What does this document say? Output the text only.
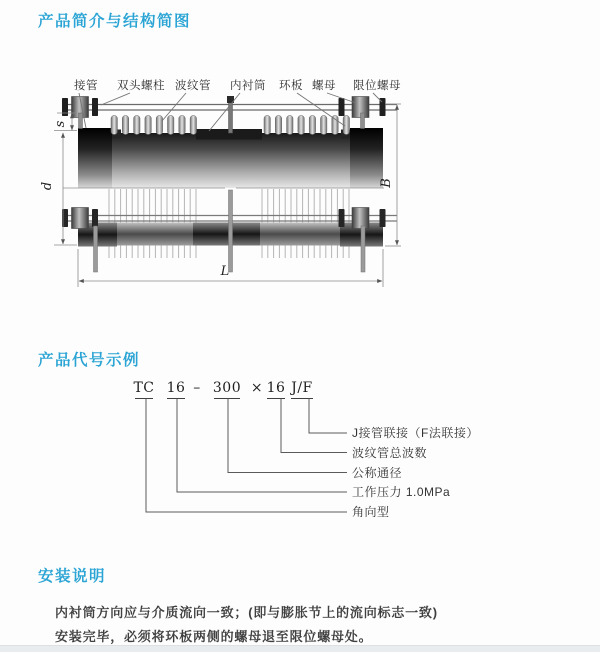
产品简介与结构简图
接管 双头螺柱 波纹管 内衬筒 环板 螺母 限位螺母
s
d	B
L
TC 16 – 300 × 16 J/F
J接管联接（F法联接）
波纹管总波数
公称通径
工作压力 1.0MPa
角向型
产品代号示例
安装说明

内衬筒方向应与介质流向一致；(即与膨胀节上的流向标志一致)

安装完毕，必须将环板两侧的螺母退至限位螺母处。
